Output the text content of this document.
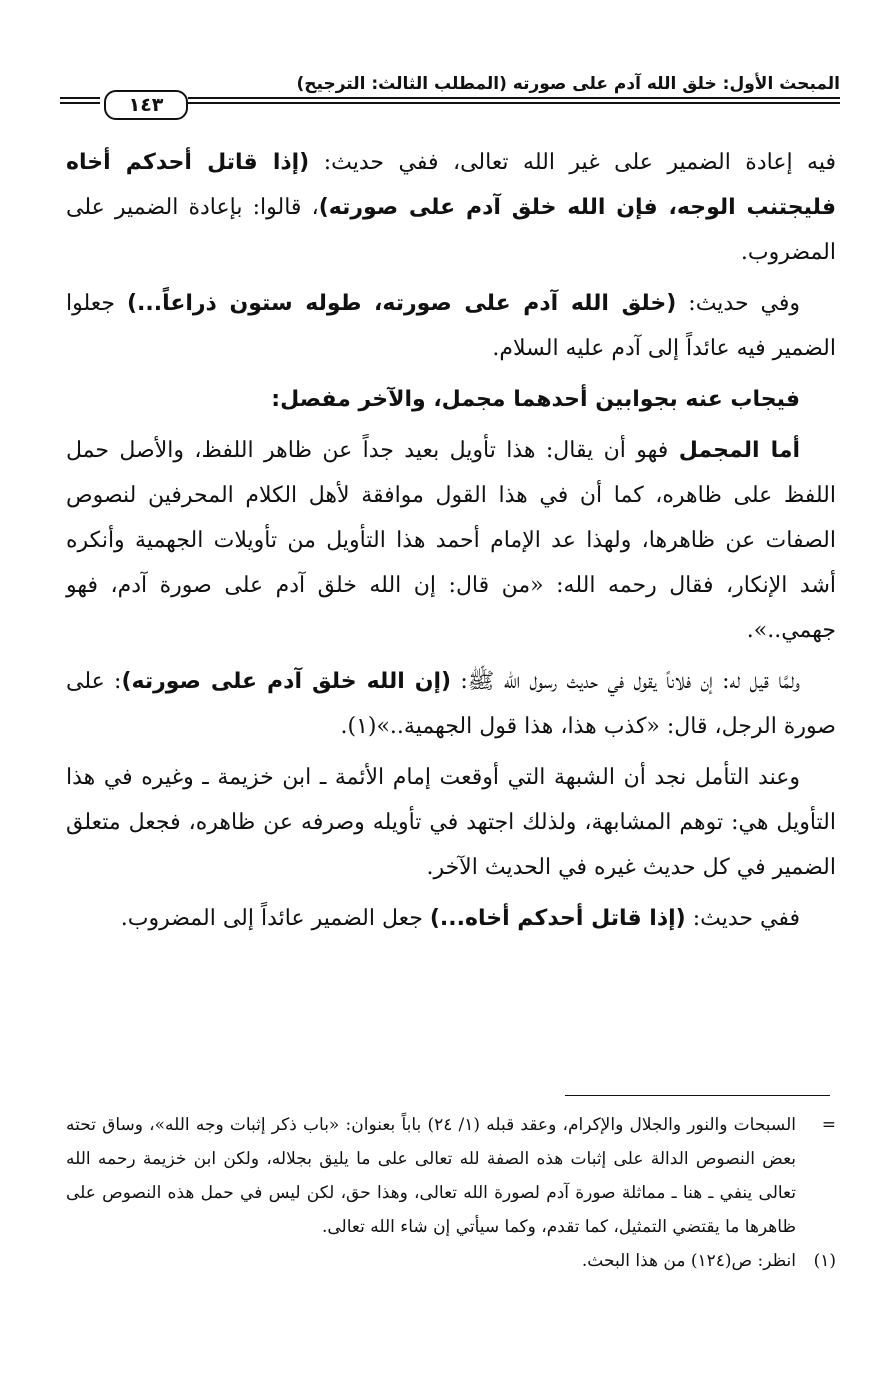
المبحث الأول: خلق الله آدم على صورته (المطلب الثالث: الترجيح)
١٤٣

فيه إعادة الضمير على غير الله تعالى، ففي حديث: (إذا قاتل أحدكم أخاه فليجتنب الوجه، فإن الله خلق آدم على صورته)، قالوا: بإعادة الضمير على المضروب.

وفي حديث: (خلق الله آدم على صورته، طوله ستون ذراعاً...) جعلوا الضمير فيه عائداً إلى آدم عليه السلام.

فيجاب عنه بجوابين أحدهما مجمل، والآخر مفصل:

أما المجمل فهو أن يقال: هذا تأويل بعيد جداً عن ظاهر اللفظ، والأصل حمل اللفظ على ظاهره، كما أن في هذا القول موافقة لأهل الكلام المحرفين لنصوص الصفات عن ظاهرها، ولهذا عد الإمام أحمد هذا التأويل من تأويلات الجهمية وأنكره أشد الإنكار، فقال رحمه الله: «من قال: إن الله خلق آدم على صورة آدم، فهو جهمي..».

ولمَّا قيل له: إن فلاناً يقول في حديث رسول الله ﷺ: (إن الله خلق آدم على صورته): على صورة الرجل، قال: «كذب هذا، هذا قول الجهمية..»(١).

وعند التأمل نجد أن الشبهة التي أوقعت إمام الأئمة ـ ابن خزيمة ـ وغيره في هذا التأويل هي: توهم المشابهة، ولذلك اجتهد في تأويله وصرفه عن ظاهره، فجعل متعلق الضمير في كل حديث غيره في الحديث الآخر.

ففي حديث: (إذا قاتل أحدكم أخاه...) جعل الضمير عائداً إلى المضروب.

=
السبحات والنور والجلال والإكرام، وعقد قبله (١/ ٢٤) باباً بعنوان: «باب ذكر إثبات وجه الله»، وساق تحته بعض النصوص الدالة على إثبات هذه الصفة لله تعالى على ما يليق بجلاله، ولكن ابن خزيمة رحمه الله تعالى ينفي ـ هنا ـ مماثلة صورة آدم لصورة الله تعالى، وهذا حق، لكن ليس في حمل هذه النصوص على ظاهرها ما يقتضي التمثيل، كما تقدم، وكما سيأتي إن شاء الله تعالى.
(١)
انظر: ص(١٢٤) من هذا البحث.
